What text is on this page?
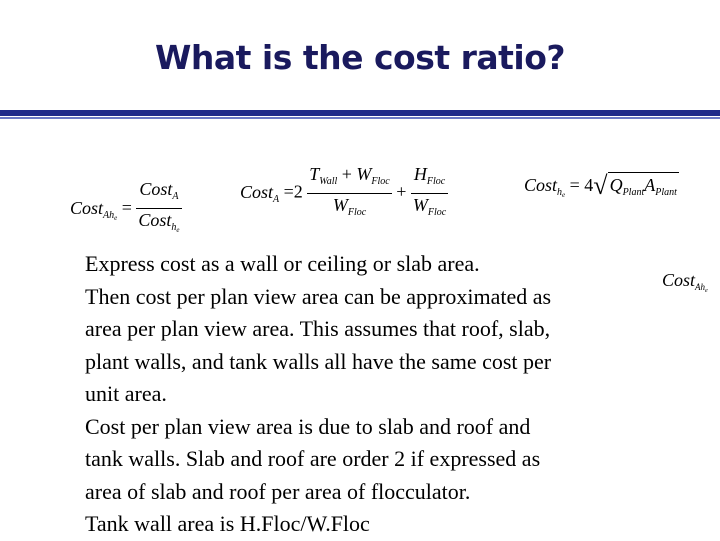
What is the cost ratio?
Cost$_{Ah_e}$ = $\frac{Cost_A}{Cost_{h_e}}$	Cost$_A$ $=2 \frac{T_{Wall} + W_{Floc}}{W_{Floc}} + \frac{H_{Floc}}{W_{Floc}}$	Cost$_{h_e}$ = 4√ $Q_{Plant}A_{Plant}$

Express cost as a wall or ceiling or slab area.

Then cost per plan view area can be approximated as

area per plan view area. This assumes that roof, slab,

plant walls, and tank walls all have the same cost per

unit area.

Cost per plan view area is due to slab and roof and

tank walls. Slab and roof are order 2 if expressed as

area of slab and roof per area of flocculator.

Tank wall area is H.Floc/W.Floc

Cost$_{Ah_e}$
